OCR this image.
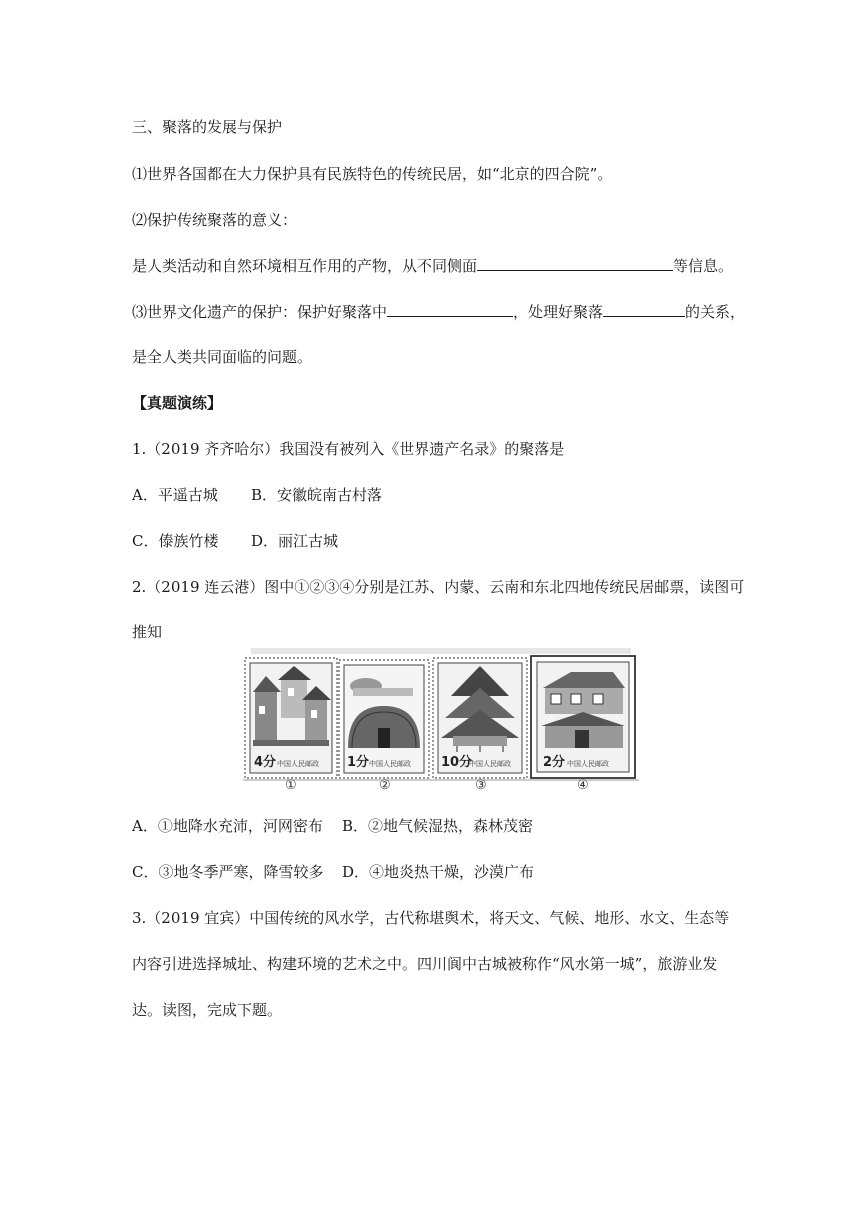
三、聚落的发展与保护
⑴世界各国都在大力保护具有民族特色的传统民居，如“北京的四合院”。
⑵保护传统聚落的意义：
是人类活动和自然环境相互作用的产物，从不同侧面	等信息。
⑶世界文化遗产的保护：保护好聚落中	，处理好聚落	的关系，
是全人类共同面临的问题。
【真题演练】
1.（2019 齐齐哈尔）我国没有被列入《世界遗产名录》的聚落是
A．平遥古城 B．安徽皖南古村落
C．傣族竹楼 D．丽江古城
2.（2019 连云港）图中①②③④分别是江苏、内蒙、云南和东北四地传统民居邮票，读图可
推知
4分 中国人民邮政 1分 中国人民邮政 10分
中国人民邮政 2分 中国人民邮政
①	②	③	④
A．①地降水充沛，河网密布 B．②地气候湿热，森林茂密
C．③地冬季严寒，降雪较多 D．④地炎热干燥，沙漠广布
3.（2019 宜宾）中国传统的风水学，古代称堪舆术，将天文、气候、地形、水文、生态等
内容引进选择城址、构建环境的艺术之中。四川阆中古城被称作“风水第一城”，旅游业发
达。读图，完成下题。
